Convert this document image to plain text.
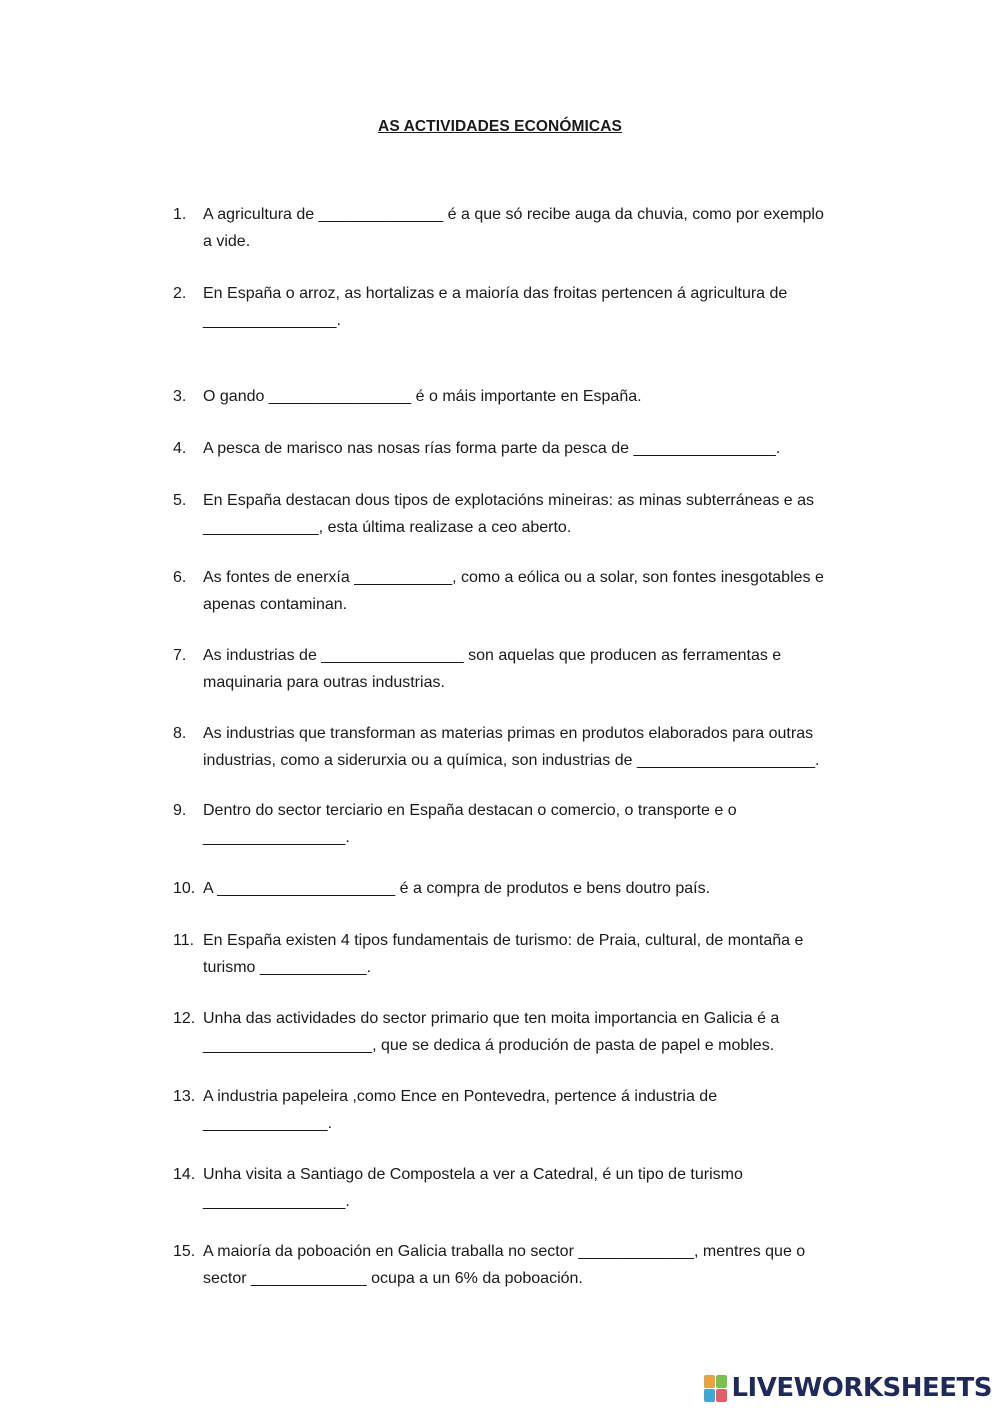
AS ACTIVIDADES ECONÓMICAS
1.	A agricultura de ______________ é a que só recibe auga da chuvia, como por exemplo
a vide.
2.	En España o arroz, as hortalizas e a maioría das froitas pertencen á agricultura de
_______________.
3.	O gando ________________ é o máis importante en España.
4.	A pesca de marisco nas nosas rías forma parte da pesca de ________________.
5.	En España destacan dous tipos de explotacións mineiras: as minas subterráneas e as
_____________, esta última realizase a ceo aberto.
6.	As fontes de enerxía ___________, como a eólica ou a solar, son fontes inesgotables e
apenas contaminan.
7.	As industrias de ________________ son aquelas que producen as ferramentas e
maquinaria para outras industrias.
8.	As industrias que transforman as materias primas en produtos elaborados para outras
industrias, como a siderurxia ou a química, son industrias de ____________________.
9.	Dentro do sector terciario en España destacan o comercio, o transporte e o
________________.
10. A ____________________ é a compra de produtos e bens doutro país.
11. En España existen 4 tipos fundamentais de turismo: de Praia, cultural, de montaña e
turismo ____________.
12. Unha das actividades do sector primario que ten moita importancia en Galicia é a
___________________, que se dedica á produción de pasta de papel e mobles.
13. A industria papeleira ,como Ence en Pontevedra, pertence á industria de
______________.
14. Unha visita a Santiago de Compostela a ver a Catedral, é un tipo de turismo
________________.
15. A maioría da poboación en Galicia traballa no sector _____________, mentres que o
sector _____________ ocupa a un 6% da poboación.
LIVEWORKSHEETS
